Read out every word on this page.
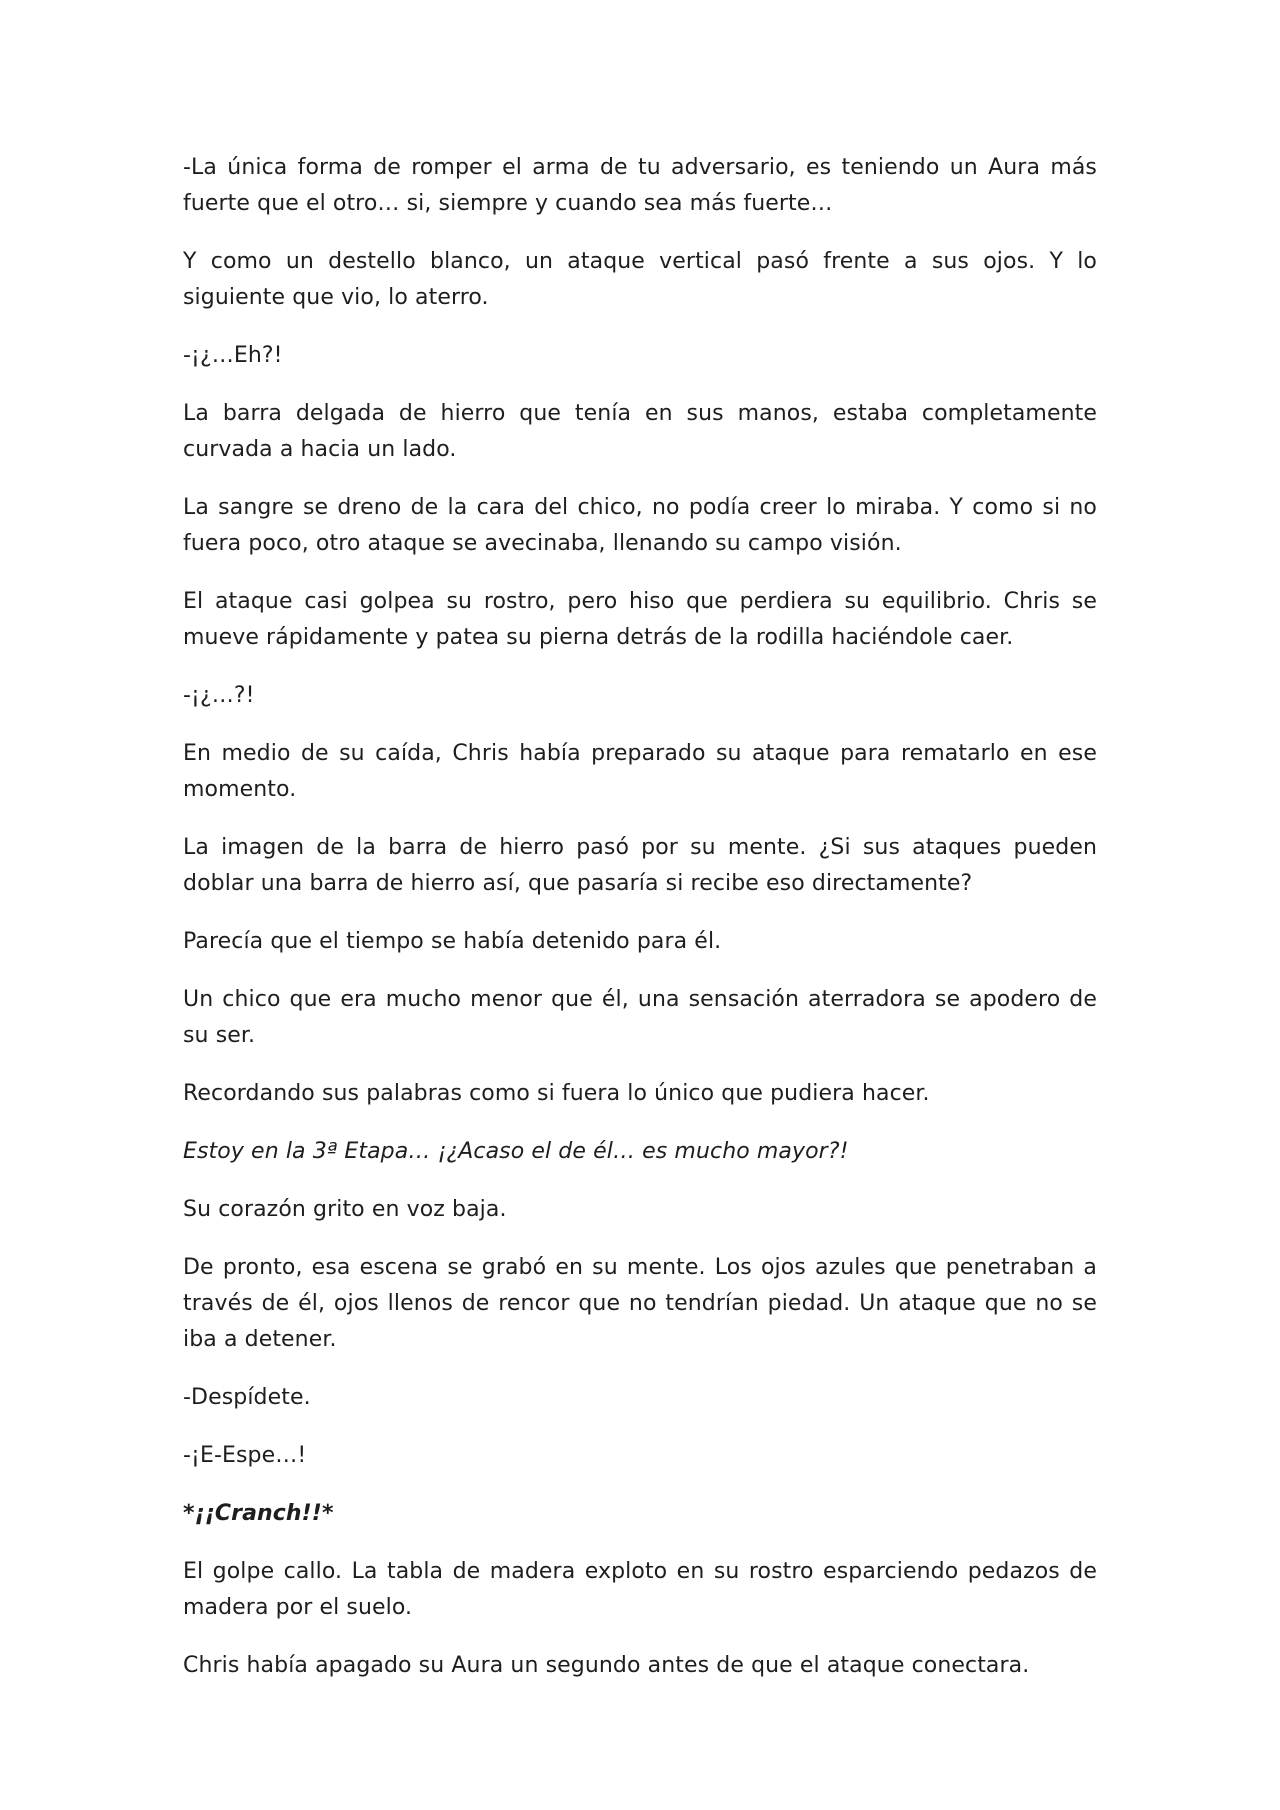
-La única forma de romper el arma de tu adversario, es teniendo un Aura más fuerte que el otro… si, siempre y cuando sea más fuerte…

Y como un destello blanco, un ataque vertical pasó frente a sus ojos. Y lo siguiente que vio, lo aterro.

-¡¿…Eh?!

La barra delgada de hierro que tenía en sus manos, estaba completamente curvada a hacia un lado.

La sangre se dreno de la cara del chico, no podía creer lo miraba. Y como si no fuera poco, otro ataque se avecinaba, llenando su campo visión.

El ataque casi golpea su rostro, pero hiso que perdiera su equilibrio. Chris se mueve rápidamente y patea su pierna detrás de la rodilla haciéndole caer.

-¡¿…?!

En medio de su caída, Chris había preparado su ataque para rematarlo en ese momento.

La imagen de la barra de hierro pasó por su mente. ¿Si sus ataques pueden doblar una barra de hierro así, que pasaría si recibe eso directamente?

Parecía que el tiempo se había detenido para él.

Un chico que era mucho menor que él, una sensación aterradora se apodero de su ser.

Recordando sus palabras como si fuera lo único que pudiera hacer.

Estoy en la 3ª Etapa… ¡¿Acaso el de él… es mucho mayor?!

Su corazón grito en voz baja.

De pronto, esa escena se grabó en su mente. Los ojos azules que penetraban a través de él, ojos llenos de rencor que no tendrían piedad. Un ataque que no se iba a detener.

-Despídete.

-¡E-Espe…!

*¡¡Cranch!!*

El golpe callo. La tabla de madera exploto en su rostro esparciendo pedazos de madera por el suelo.

Chris había apagado su Aura un segundo antes de que el ataque conectara.
